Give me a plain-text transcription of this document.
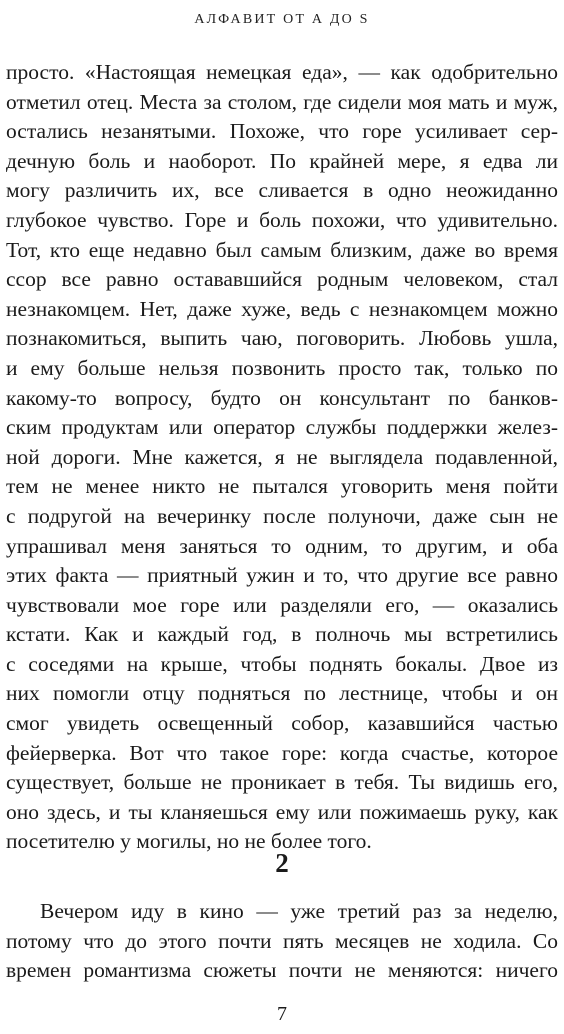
АЛФАВИТ ОТ А ДО S
просто. «Настоящая немецкая еда», — как одобрительно
отметил отец. Места за столом, где сидели моя мать и муж,
остались незанятыми. Похоже, что горе усиливает сер-
дечную боль и наоборот. По крайней мере, я едва ли
могу различить их, все сливается в одно неожиданно
глубокое чувство. Горе и боль похожи, что удивительно.
Тот, кто еще недавно был самым близким, даже во время
ссор все равно остававшийся родным человеком, стал
незнакомцем. Нет, даже хуже, ведь с незнакомцем можно
познакомиться, выпить чаю, поговорить. Любовь ушла,
и ему больше нельзя позвонить просто так, только по
какому-то вопросу, будто он консультант по банков-
ским продуктам или оператор службы поддержки желез-
ной дороги. Мне кажется, я не выглядела подавленной,
тем не менее никто не пытался уговорить меня пойти
с подругой на вечеринку после полуночи, даже сын не
упрашивал меня заняться то одним, то другим, и оба
этих факта — приятный ужин и то, что другие все равно
чувствовали мое горе или разделяли его, — оказались
кстати. Как и каждый год, в полночь мы встретились
с соседями на крыше, чтобы поднять бокалы. Двое из
них помогли отцу подняться по лестнице, чтобы и он
смог увидеть освещенный собор, казавшийся частью
фейерверка. Вот что такое горе: когда счастье, которое
существует, больше не проникает в тебя. Ты видишь его,
оно здесь, и ты кланяешься ему или пожимаешь руку, как
посетителю у могилы, но не более того.
2
Вечером иду в кино — уже третий раз за неделю,
потому что до этого почти пять месяцев не ходила. Со
времен романтизма сюжеты почти не меняются: ничего
7
